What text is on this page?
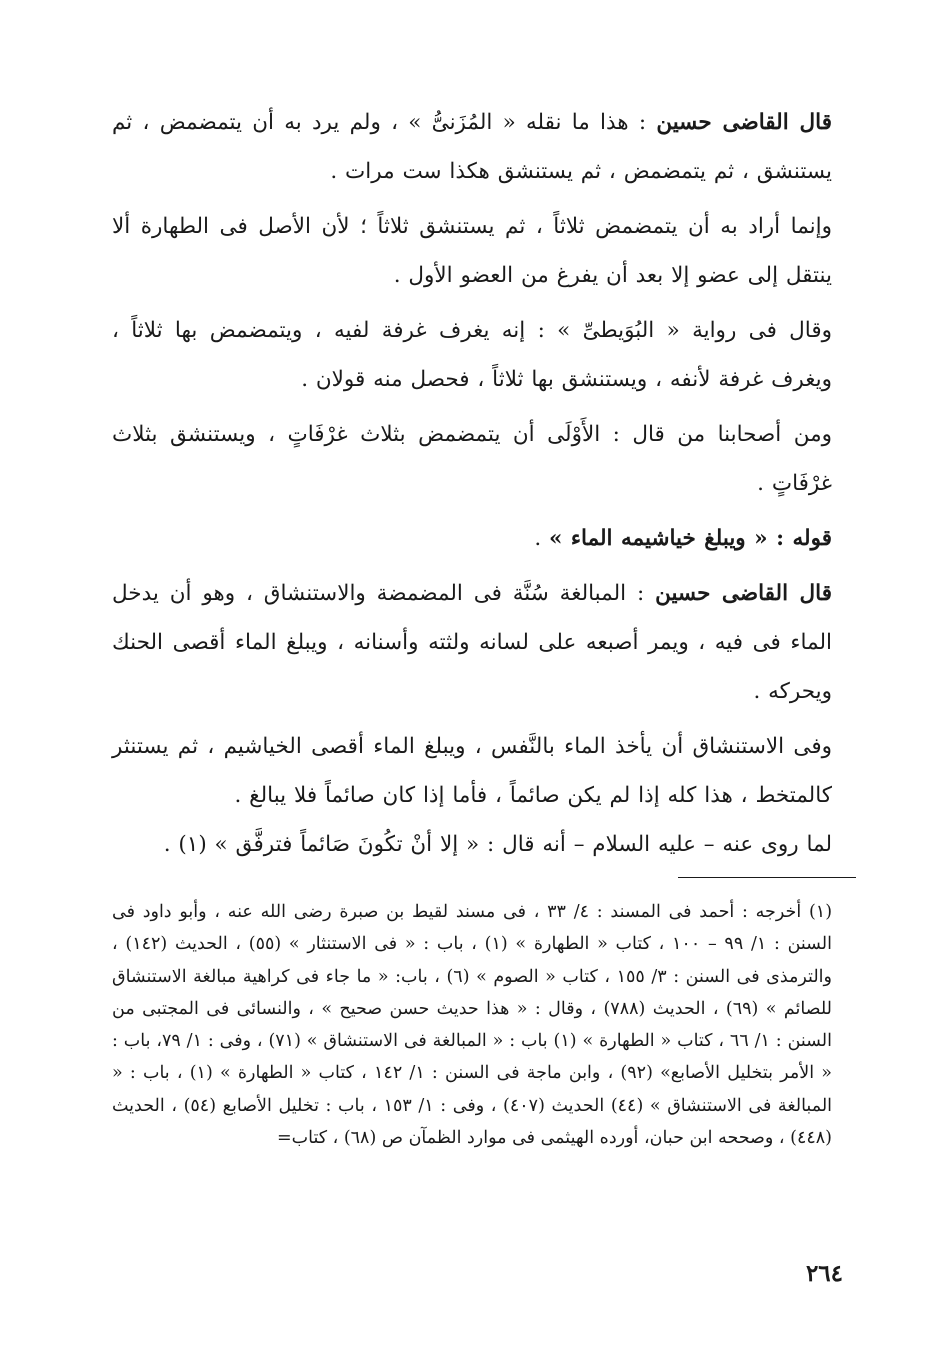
قال القاضى حسين : هذا ما نقله « المُزَنىُّ » ، ولم يرد به أن يتمضمض ، ثم يستنشق ، ثم يتمضمض ، ثم يستنشق هكذا ست مرات .

وإنما أراد به أن يتمضمض ثلاثاً ، ثم يستنشق ثلاثاً ؛ لأن الأصل فى الطهارة ألا ينتقل إلى عضو إلا بعد أن يفرغ من العضو الأول .

وقال فى رواية « البُوَيطىِّ » : إنه يغرف غرفة لفيه ، ويتمضمض بها ثلاثاً ، ويغرف غرفة لأنفه ، ويستنشق بها ثلاثاً ، فحصل منه قولان .

ومن أصحابنا من قال : الأَوْلَى أن يتمضمض بثلاث غرْفَاتٍ ، ويستنشق بثلاث غرْفَاتٍ .

قوله : « ويبلغ خياشيمه الماء » .

قال القاضى حسين : المبالغة سُنَّة فى المضمضة والاستنشاق ، وهو أن يدخل الماء فى فيه ، ويمر أصبعه على لسانه ولثته وأسنانه ، ويبلغ الماء أقصى الحنك ويحركه .

وفى الاستنشاق أن يأخذ الماء بالنَّفس ، ويبلغ الماء أقصى الخياشيم ، ثم يستنثر كالمتخط ، هذا كله إذا لم يكن صائماً ، فأما إذا كان صائماً فلا يبالغ .

لما روى عنه – عليه السلام – أنه قال : « إلا أنْ تكُونَ صَائماً فترفَّق » (١) .

(١) أخرجه : أحمد فى المسند : ٤/ ٣٣ ، فى مسند لقيط بن صبرة رضى الله عنه ، وأبو داود فى السنن : ١/ ٩٩ – ١٠٠ ، كتاب « الطهارة » (١) ، باب : « فى الاستنثار » (٥٥) ، الحديث (١٤٢) ، والترمذى فى السنن : ٣/ ١٥٥ ، كتاب « الصوم » (٦) ، باب: « ما جاء فى كراهية مبالغة الاستنشاق للصائم » (٦٩) ، الحديث (٧٨٨) ، وقال : « هذا حديث حسن صحيح » ، والنسائى فى المجتبى من السنن : ١/ ٦٦ ، كتاب « الطهارة » (١) باب : « المبالغة فى الاستنشاق » (٧١) ، وفى : ١/ ٧٩، باب : « الأمر بتخليل الأصابع» (٩٢) ، وابن ماجة فى السنن : ١/ ١٤٢ ، كتاب « الطهارة » (١) ، باب : « المبالغة فى الاستنشاق » (٤٤) الحديث (٤٠٧) ، وفى : ١/ ١٥٣ ، باب : تخليل الأصابع (٥٤) ، الحديث (٤٤٨) ، وصححه ابن حبان، أورده الهيثمى فى موارد الظمآن ص (٦٨) ، كتاب=

٢٦٤
